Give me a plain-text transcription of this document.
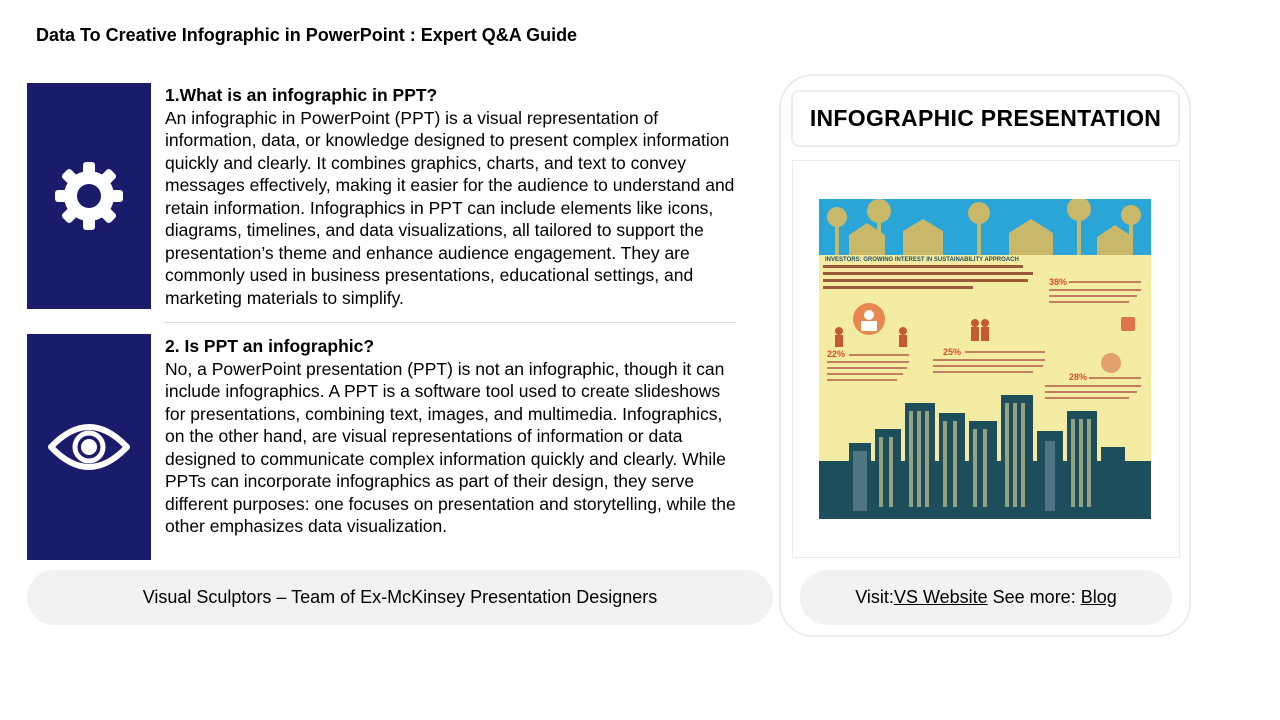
Data To Creative Infographic in PowerPoint : Expert Q&A Guide
1.What is an infographic in PPT?
An infographic in PowerPoint (PPT) is a visual representation of information, data, or knowledge designed to present complex information quickly and clearly. It combines graphics, charts, and text to convey messages effectively, making it easier for the audience to understand and retain information. Infographics in PPT can include elements like icons, diagrams, timelines, and data visualizations, all tailored to support the presentation’s theme and enhance audience engagement. They are commonly used in business presentations, educational settings, and marketing materials to simplify.
2. Is PPT an infographic?
No, a PowerPoint presentation (PPT) is not an infographic, though it can include infographics. A PPT is a software tool used to create slideshows for presentations, combining text, images, and multimedia. Infographics, on the other hand, are visual representations of information or data designed to communicate complex information quickly and clearly. While PPTs can incorporate infographics as part of their design, they serve different purposes: one focuses on presentation and storytelling, while the other emphasizes data visualization.
Visual Sculptors – Team of Ex-McKinsey Presentation Designers
INFOGRAPHIC PRESENTATION
INVESTORS: GROWING INTEREST IN SUSTAINABILITY APPROACH
38%
22%	25%
28%
Visit: VS Website See more: Blog
